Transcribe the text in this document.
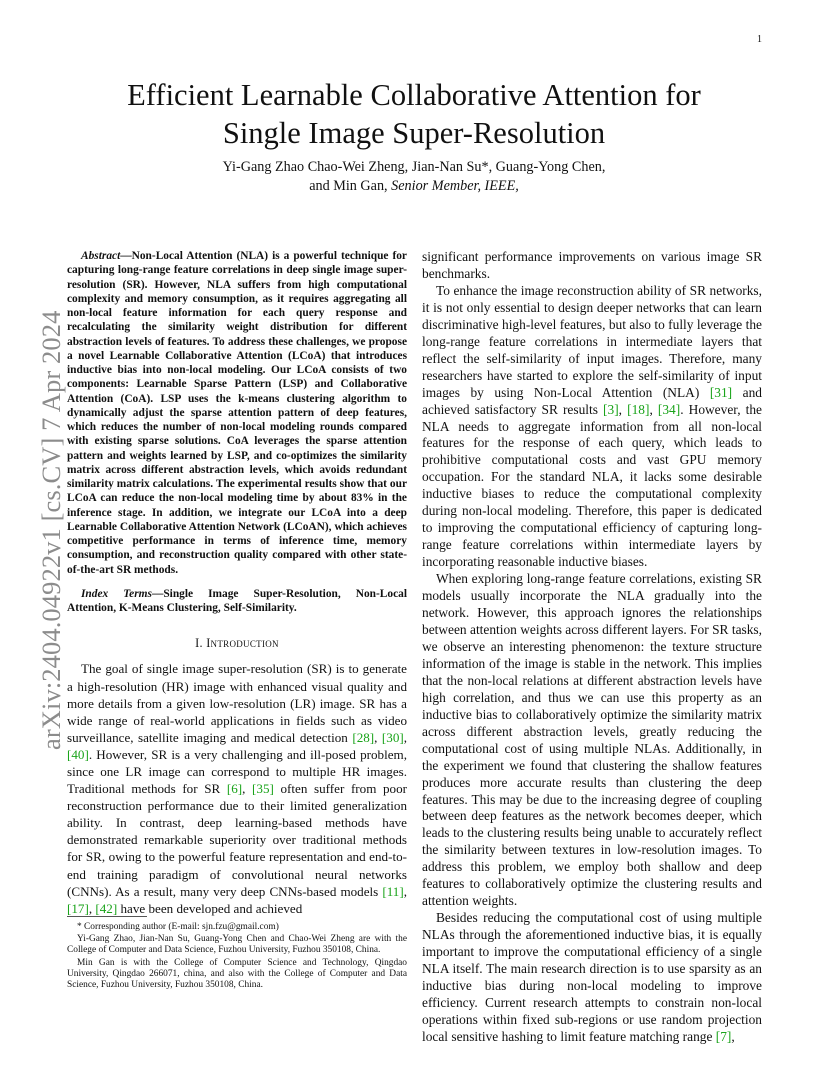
1
arXiv:2404.04922v1 [cs.CV] 7 Apr 2024
Efficient Learnable Collaborative Attention for
Single Image Super-Resolution
Yi-Gang Zhao Chao-Wei Zheng, Jian-Nan Su*, Guang-Yong Chen,
and Min Gan, Senior Member, IEEE,

Abstract—Non-Local Attention (NLA) is a powerful technique for capturing long-range feature correlations in deep single image super-resolution (SR). However, NLA suffers from high computational complexity and memory consumption, as it requires aggregating all non-local feature information for each query response and recalculating the similarity weight distribution for different abstraction levels of features. To address these challenges, we propose a novel Learnable Collaborative Attention (LCoA) that introduces inductive bias into non-local modeling. Our LCoA consists of two components: Learnable Sparse Pattern (LSP) and Collaborative Attention (CoA). LSP uses the k-means clustering algorithm to dynamically adjust the sparse attention pattern of deep features, which reduces the number of non-local modeling rounds compared with existing sparse solutions. CoA leverages the sparse attention pattern and weights learned by LSP, and co-optimizes the similarity matrix across different abstraction levels, which avoids redundant similarity matrix calculations. The experimental results show that our LCoA can reduce the non-local modeling time by about 83% in the inference stage. In addition, we integrate our LCoA into a deep Learnable Collaborative Attention Network (LCoAN), which achieves competitive performance in terms of inference time, memory consumption, and reconstruction quality compared with other state-of-the-art SR methods.

Index Terms—Single Image Super-Resolution, Non-Local Attention, K-Means Clustering, Self-Similarity.

I. Introduction

The goal of single image super-resolution (SR) is to generate a high-resolution (HR) image with enhanced visual quality and more details from a given low-resolution (LR) image. SR has a wide range of real-world applications in fields such as video surveillance, satellite imaging and medical detection [28], [30], [40]. However, SR is a very challenging and ill-posed problem, since one LR image can correspond to multiple HR images. Traditional methods for SR [6], [35] often suffer from poor reconstruction performance due to their limited generalization ability. In contrast, deep learning-based methods have demonstrated remarkable superiority over traditional methods for SR, owing to the powerful feature representation and end-to-end training paradigm of convolutional neural networks (CNNs). As a result, many very deep CNNs-based models [11], [17], [42] have been developed and achieved

* Corresponding author (E-mail: sjn.fzu@gmail.com)

Yi-Gang Zhao, Jian-Nan Su, Guang-Yong Chen and Chao-Wei Zheng are with the College of Computer and Data Science, Fuzhou University, Fuzhou 350108, China.

Min Gan is with the College of Computer Science and Technology, Qingdao University, Qingdao 266071, china, and also with the College of Computer and Data Science, Fuzhou University, Fuzhou 350108, China.

significant performance improvements on various image SR benchmarks.

To enhance the image reconstruction ability of SR networks, it is not only essential to design deeper networks that can learn discriminative high-level features, but also to fully leverage the long-range feature correlations in intermediate layers that reflect the self-similarity of input images. Therefore, many researchers have started to explore the self-similarity of input images by using Non-Local Attention (NLA) [31] and achieved satisfactory SR results [3], [18], [34]. However, the NLA needs to aggregate information from all non-local features for the response of each query, which leads to prohibitive computational costs and vast GPU memory occupation. For the standard NLA, it lacks some desirable inductive biases to reduce the computational complexity during non-local modeling. Therefore, this paper is dedicated to improving the computational efficiency of capturing long-range feature correlations within intermediate layers by incorporating reasonable inductive biases.

When exploring long-range feature correlations, existing SR models usually incorporate the NLA gradually into the network. However, this approach ignores the relationships between attention weights across different layers. For SR tasks, we observe an interesting phenomenon: the texture structure information of the image is stable in the network. This implies that the non-local relations at different abstraction levels have high correlation, and thus we can use this property as an inductive bias to collaboratively optimize the similarity matrix across different abstraction levels, greatly reducing the computational cost of using multiple NLAs. Additionally, in the experiment we found that clustering the shallow features produces more accurate results than clustering the deep features. This may be due to the increasing degree of coupling between deep features as the network becomes deeper, which leads to the clustering results being unable to accurately reflect the similarity between textures in low-resolution images. To address this problem, we employ both shallow and deep features to collaboratively optimize the clustering results and attention weights.

Besides reducing the computational cost of using multiple NLAs through the aforementioned inductive bias, it is equally important to improve the computational efficiency of a single NLA itself. The main research direction is to use sparsity as an inductive bias during non-local modeling to improve efficiency. Current research attempts to constrain non-local operations within fixed sub-regions or use random projection local sensitive hashing to limit feature matching range [7],
